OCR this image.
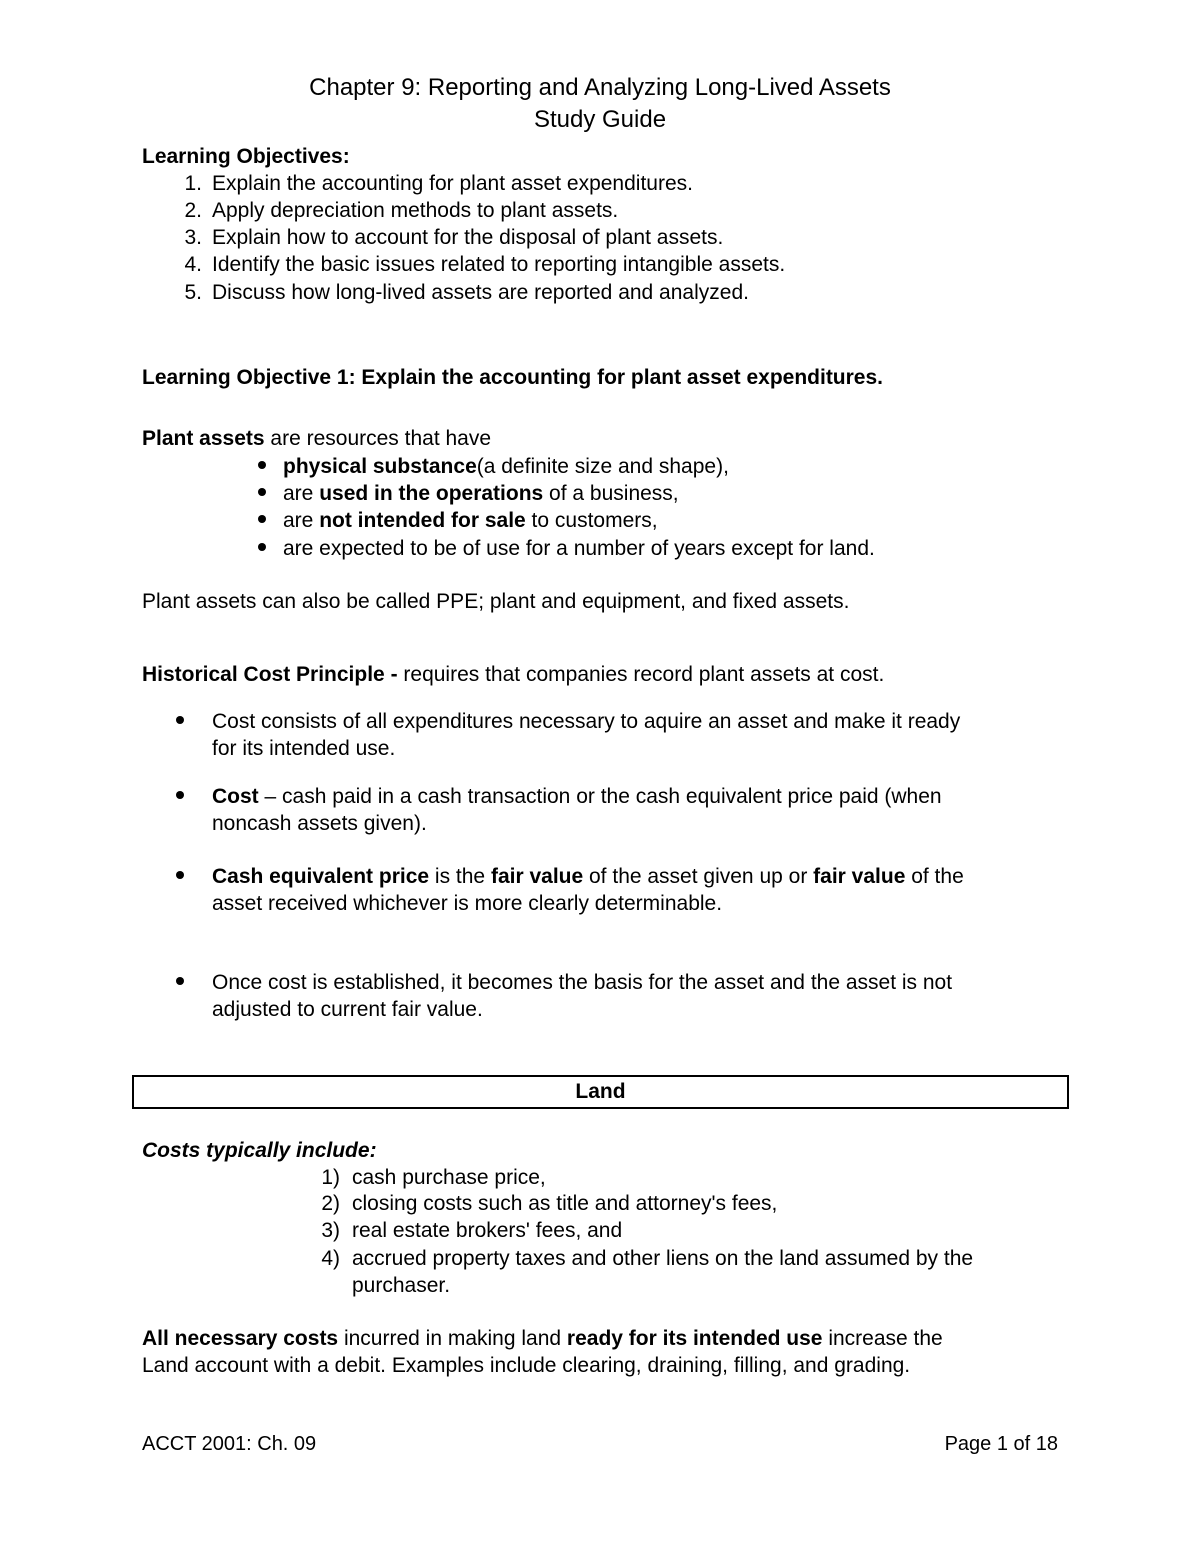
Chapter 9: Reporting and Analyzing Long-Lived Assets
Study Guide
Learning Objectives:
1. Explain the accounting for plant asset expenditures.
2. Apply depreciation methods to plant assets.
3. Explain how to account for the disposal of plant assets.
4. Identify the basic issues related to reporting intangible assets.
5. Discuss how long-lived assets are reported and analyzed.
Learning Objective 1: Explain the accounting for plant asset expenditures.
Plant assets are resources that have
physical substance(a definite size and shape),
are used in the operations of a business,
are not intended for sale to customers,
are expected to be of use for a number of years except for land.
Plant assets can also be called PPE; plant and equipment, and fixed assets.
Historical Cost Principle - requires that companies record plant assets at cost.
Cost consists of all expenditures necessary to aquire an asset and make it ready
for its intended use.
Cost – cash paid in a cash transaction or the cash equivalent price paid (when
noncash assets given).
Cash equivalent price is the fair value of the asset given up or fair value of the
asset received whichever is more clearly determinable.
Once cost is established, it becomes the basis for the asset and the asset is not
adjusted to current fair value.
Land
Costs typically include:
1) cash purchase price,
2) closing costs such as title and attorney's fees,
3) real estate brokers' fees, and
4) accrued property taxes and other liens on the land assumed by the
purchaser.
All necessary costs incurred in making land ready for its intended use increase the
Land account with a debit. Examples include clearing, draining, filling, and grading.
ACCT 2001: Ch. 09	Page 1 of 18
